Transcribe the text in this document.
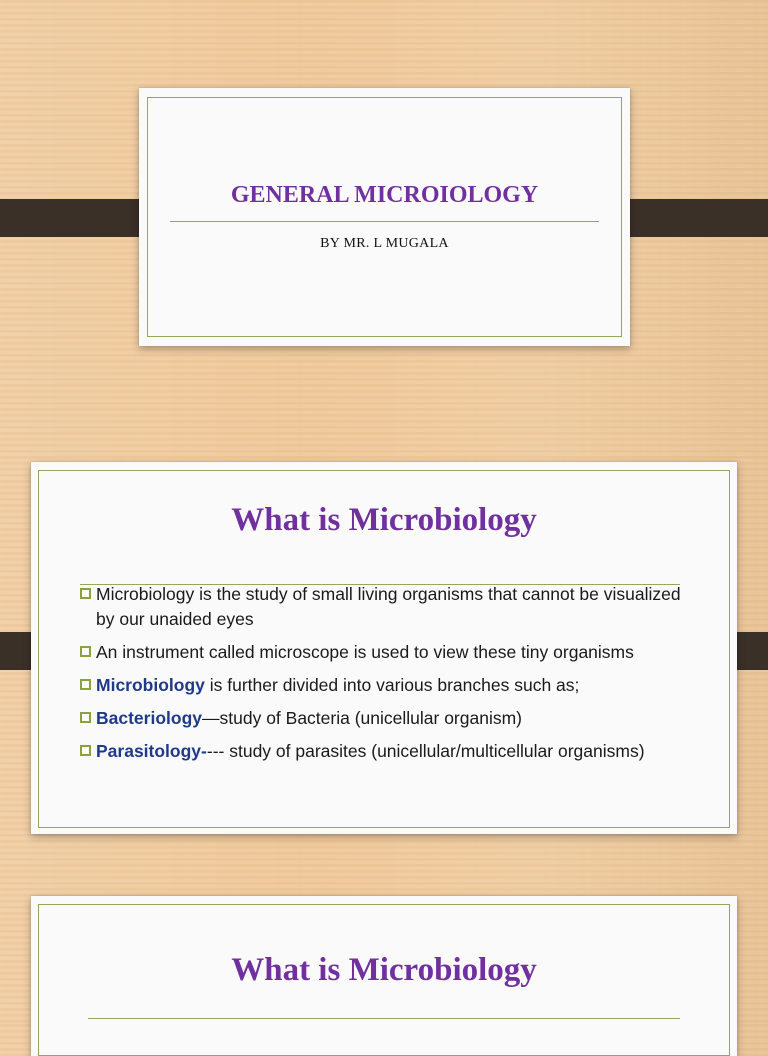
GENERAL MICROIOLOGY
BY MR. L MUGALA
What is Microbiology
Microbiology is the study of small living organisms that cannot be visualized by our unaided eyes
An instrument called microscope is used to view these tiny organisms
Microbiology is further divided into various branches such as;
Bacteriology—study of Bacteria (unicellular organism)
Parasitology---- study of parasites (unicellular/multicellular organisms)
What is Microbiology
